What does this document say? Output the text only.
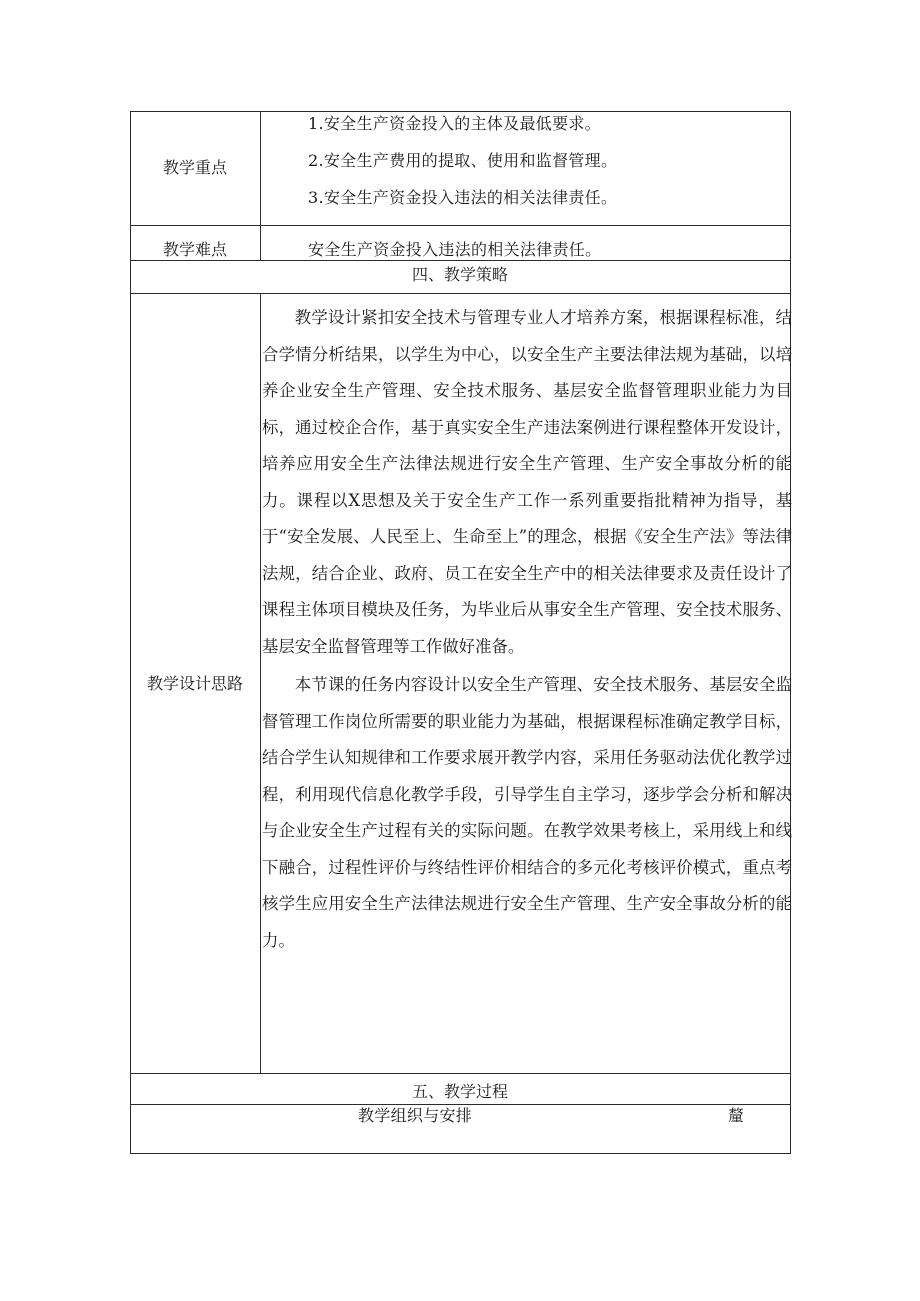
教学重点
1.安全生产资金投入的主体及最低要求。
2.安全生产费用的提取、使用和监督管理。
3.安全生产资金投入违法的相关法律责任。
教学难点	安全生产资金投入违法的相关法律责任。
四、教学策略
教学设计思路
教学设计紧扣安全技术与管理专业人才培养方案，根据课程标准，结合学情分析结果，以学生为中心，以安全生产主要法律法规为基础，以培养企业安全生产管理、安全技术服务、基层安全监督管理职业能力为目标，通过校企合作，基于真实安全生产违法案例进行课程整体开发设计，培养应用安全生产法律法规进行安全生产管理、生产安全事故分析的能力。课程以X思想及关于安全生产工作一系列重要指批精神为指导，基于“安全发展、人民至上、生命至上”的理念，根据《安全生产法》等法律法规，结合企业、政府、员工在安全生产中的相关法律要求及责任设计了课程主体项目模块及任务，为毕业后从事安全生产管理、安全技术服务、基层安全监督管理等工作做好准备。
本节课的任务内容设计以安全生产管理、安全技术服务、基层安全监督管理工作岗位所需要的职业能力为基础，根据课程标准确定教学目标，结合学生认知规律和工作要求展开教学内容，采用任务驱动法优化教学过程，利用现代信息化教学手段，引导学生自主学习，逐步学会分析和解决与企业安全生产过程有关的实际问题。在教学效果考核上，采用线上和线下融合，过程性评价与终结性评价相结合的多元化考核评价模式，重点考核学生应用安全生产法律法规进行安全生产管理、生产安全事故分析的能力。
五、教学过程
教学组织与安排	釐
